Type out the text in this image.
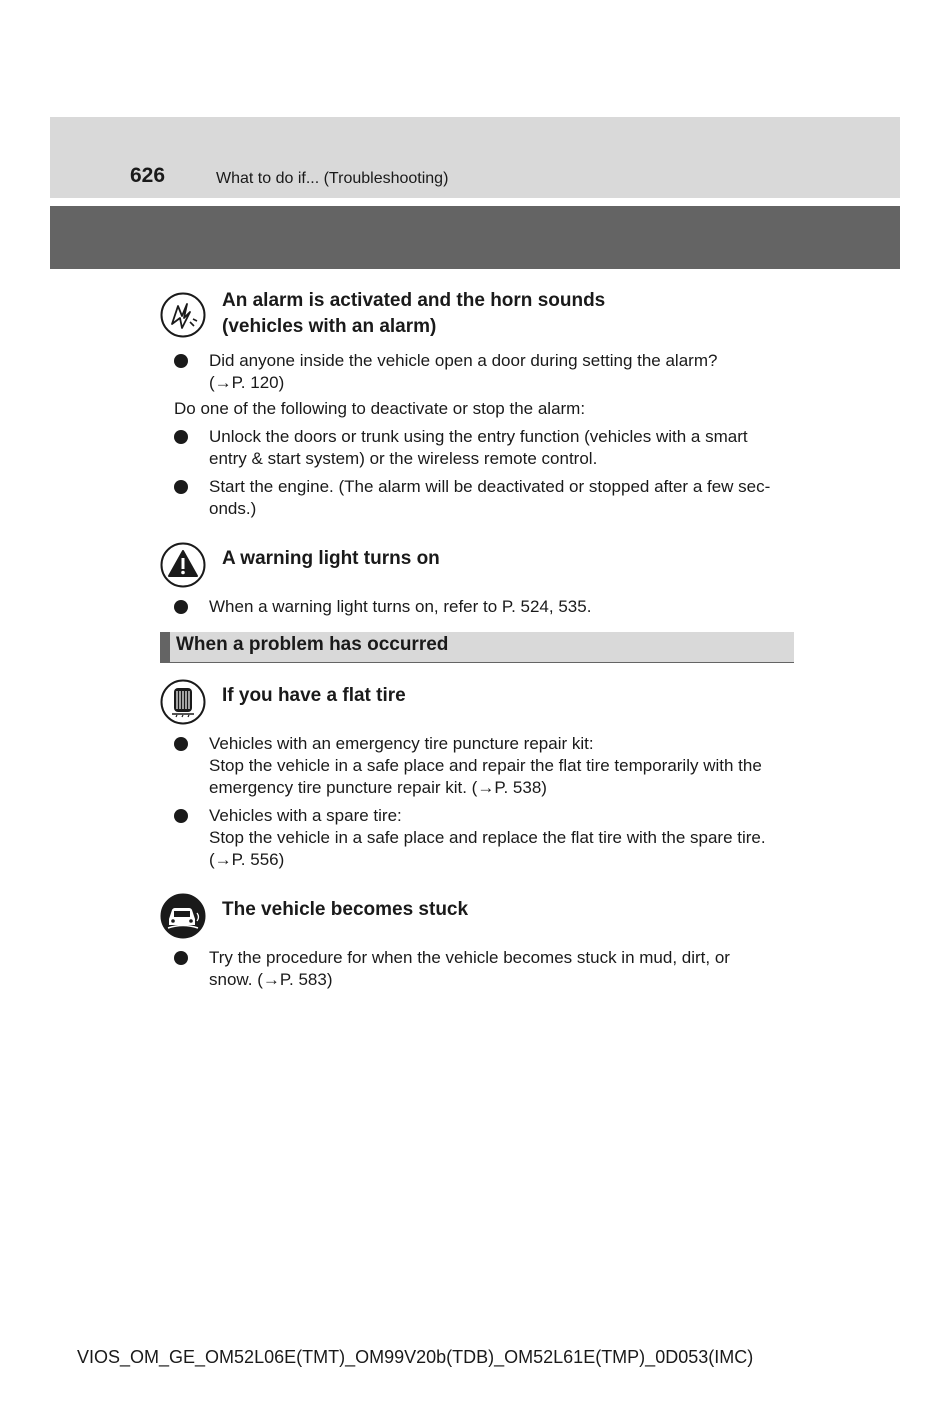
626	What to do if... (Troubleshooting)
An alarm is activated and the horn sounds
(vehicles with an alarm)
Did anyone inside the vehicle open a door during setting the alarm?
(→P. 120)
Do one of the following to deactivate or stop the alarm:
Unlock the doors or trunk using the entry function (vehicles with a smart
entry & start system) or the wireless remote control.
Start the engine. (The alarm will be deactivated or stopped after a few sec-
onds.)
A warning light turns on
When a warning light turns on, refer to P. 524, 535.
When a problem has occurred
If you have a flat tire
Vehicles with an emergency tire puncture repair kit:
Stop the vehicle in a safe place and repair the flat tire temporarily with the
emergency tire puncture repair kit. (→P. 538)
Vehicles with a spare tire:
Stop the vehicle in a safe place and replace the flat tire with the spare tire.
(→P. 556)
The vehicle becomes stuck
Try the procedure for when the vehicle becomes stuck in mud, dirt, or
snow. (→P. 583)
VIOS_OM_GE_OM52L06E(TMT)_OM99V20b(TDB)_OM52L61E(TMP)_0D053(IMC)
